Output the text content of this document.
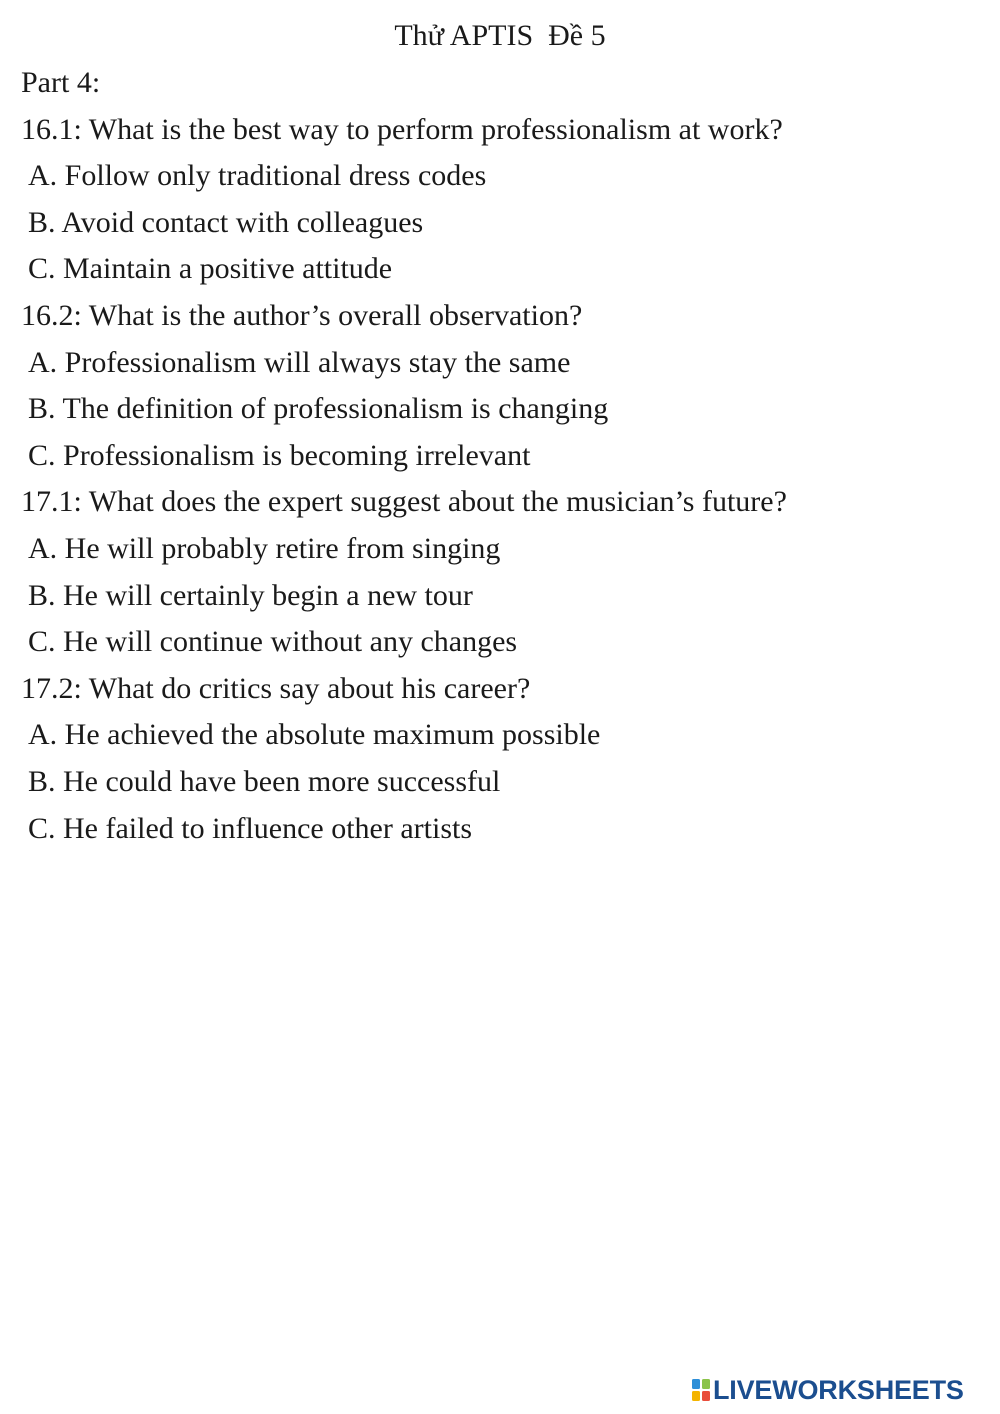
Thử APTIS  Đề 5
Part 4:
16.1: What is the best way to perform professionalism at work?
A. Follow only traditional dress codes
B. Avoid contact with colleagues
C. Maintain a positive attitude
16.2: What is the author’s overall observation?
A. Professionalism will always stay the same
B. The definition of professionalism is changing
C. Professionalism is becoming irrelevant
17.1: What does the expert suggest about the musician’s future?
A. He will probably retire from singing
B. He will certainly begin a new tour
C. He will continue without any changes
17.2: What do critics say about his career?
A. He achieved the absolute maximum possible
B. He could have been more successful
C. He failed to influence other artists
LIVEWORKSHEETS
